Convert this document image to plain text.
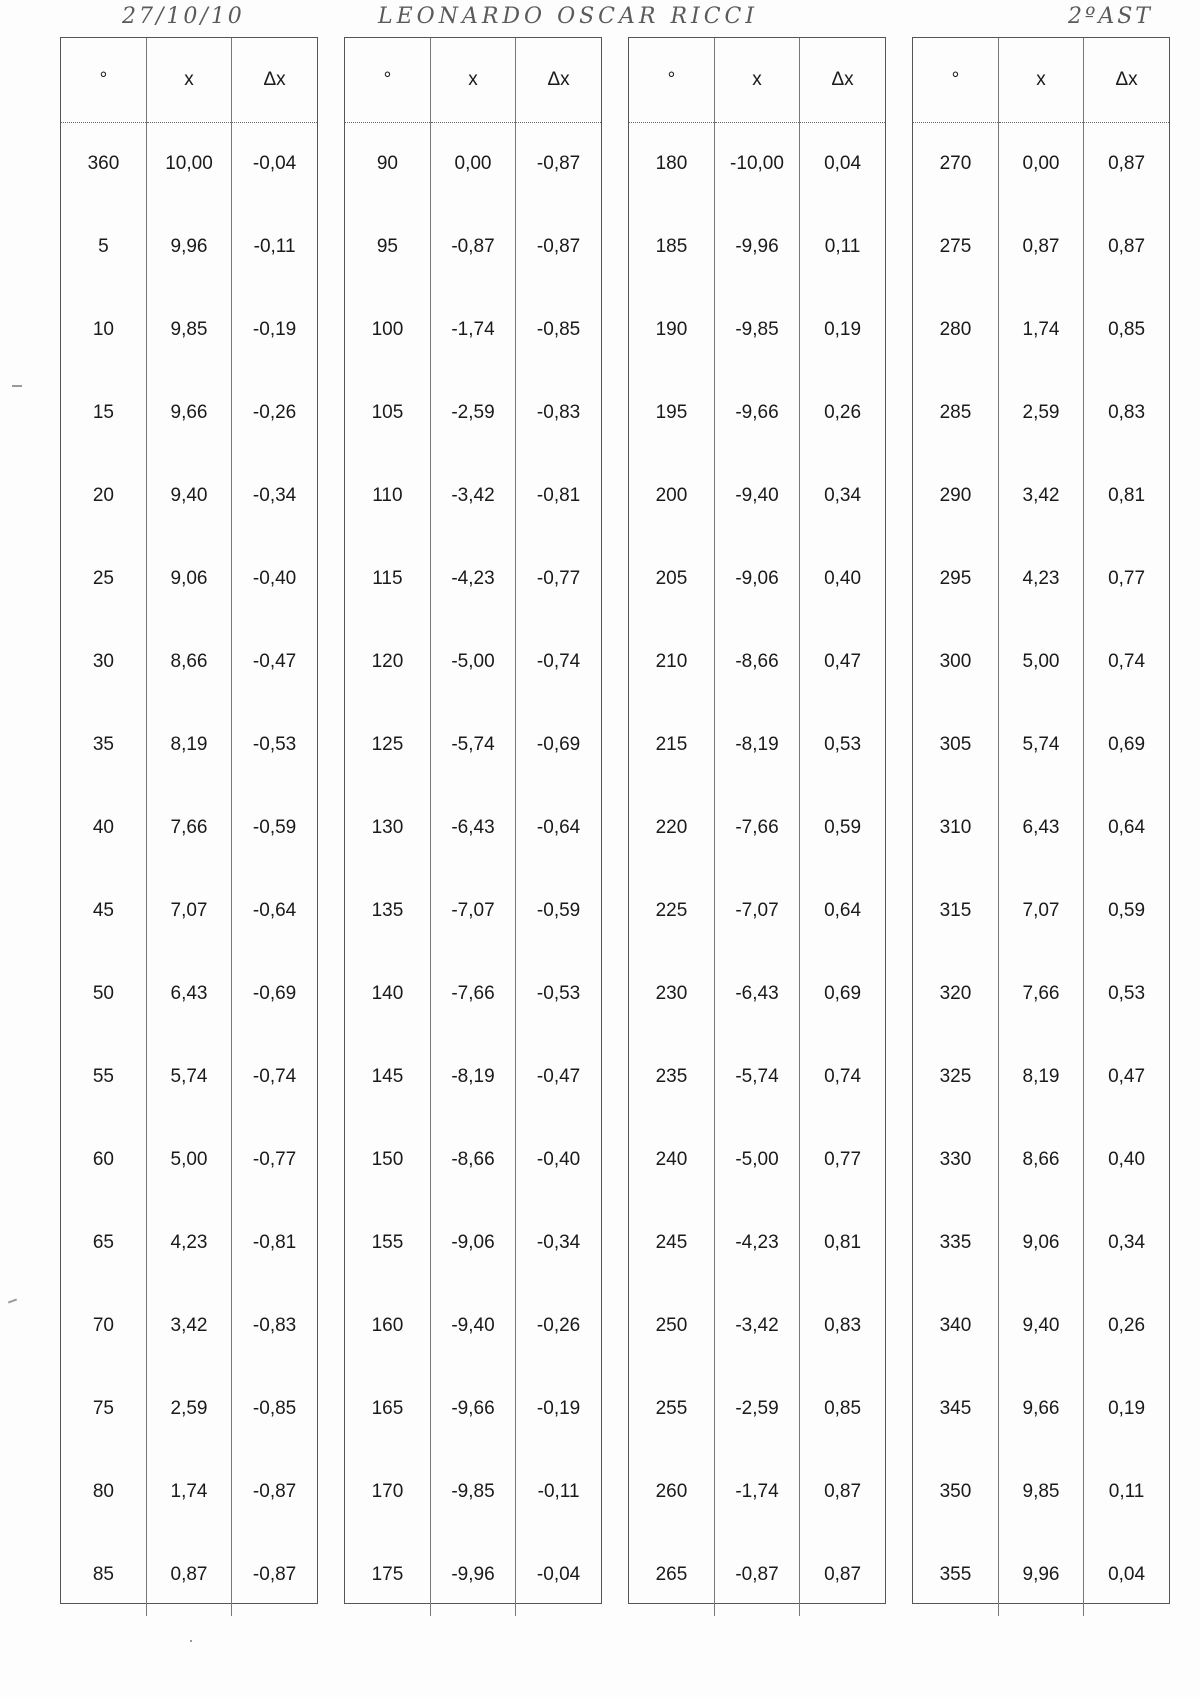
27/10/10	LEONARDO OSCAR RICCI	2ºAST
°	x	Δx
360	10,00	-0,04
5	9,96	-0,11
10	9,85	-0,19
15	9,66	-0,26
20	9,40	-0,34
25	9,06	-0,40
30	8,66	-0,47
35	8,19	-0,53
40	7,66	-0,59
45	7,07	-0,64
50	6,43	-0,69
55	5,74	-0,74
60	5,00	-0,77
65	4,23	-0,81
70	3,42	-0,83
75	2,59	-0,85
80	1,74	-0,87
85	0,87	-0,87
°	x	Δx
90	0,00	-0,87
95	-0,87	-0,87
100	-1,74	-0,85
105	-2,59	-0,83
110	-3,42	-0,81
115	-4,23	-0,77
120	-5,00	-0,74
125	-5,74	-0,69
130	-6,43	-0,64
135	-7,07	-0,59
140	-7,66	-0,53
145	-8,19	-0,47
150	-8,66	-0,40
155	-9,06	-0,34
160	-9,40	-0,26
165	-9,66	-0,19
170	-9,85	-0,11
175	-9,96	-0,04
°	x	Δx
180	-10,00	0,04
185	-9,96	0,11
190	-9,85	0,19
195	-9,66	0,26
200	-9,40	0,34
205	-9,06	0,40
210	-8,66	0,47
215	-8,19	0,53
220	-7,66	0,59
225	-7,07	0,64
230	-6,43	0,69
235	-5,74	0,74
240	-5,00	0,77
245	-4,23	0,81
250	-3,42	0,83
255	-2,59	0,85
260	-1,74	0,87
265	-0,87	0,87
°	x	Δx
270	0,00	0,87
275	0,87	0,87
280	1,74	0,85
285	2,59	0,83
290	3,42	0,81
295	4,23	0,77
300	5,00	0,74
305	5,74	0,69
310	6,43	0,64
315	7,07	0,59
320	7,66	0,53
325	8,19	0,47
330	8,66	0,40
335	9,06	0,34
340	9,40	0,26
345	9,66	0,19
350	9,85	0,11
355	9,96	0,04
